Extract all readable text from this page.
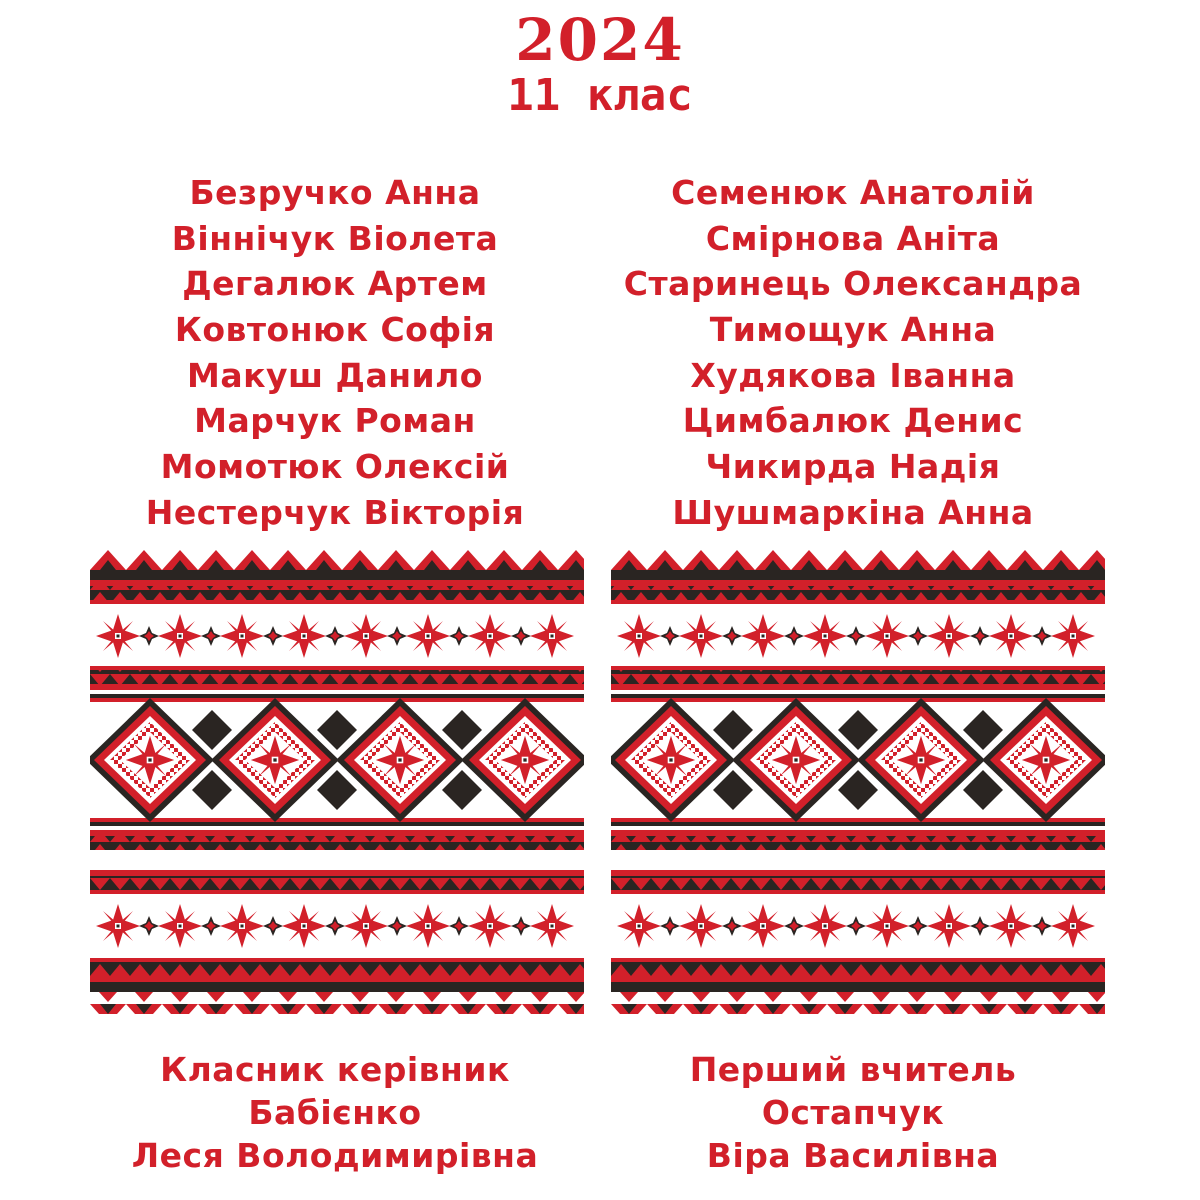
2024
11 клас
Безручко Анна
Віннічук Віолета
Дегалюк Артем
Ковтонюк Софія
Макуш Данило
Марчук Роман
Момотюк Олексій
Нестерчук Вікторія
Семенюк Анатолій
Смірнова Аніта
Старинець Олександра
Тимощук Анна
Худякова Іванна
Цимбалюк Денис
Чикирда Надія
Шушмаркіна Анна
Класник керівник
Бабієнко
Леся Володимирівна
Перший вчитель
Остапчук
Віра Василівна
